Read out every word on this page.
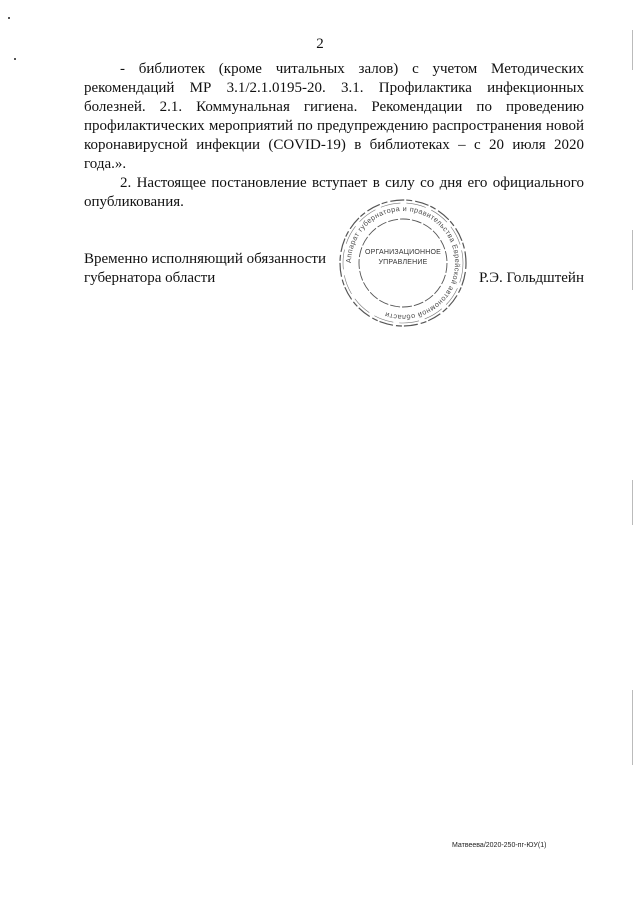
2

- библиотек (кроме читальных залов) с учетом Методических рекомендаций МР 3.1/2.1.0195-20. 3.1. Профилактика инфекционных болезней. 2.1. Коммунальная гигиена. Рекомендации по проведению профилактических мероприятий по предупреждению распространения новой коронавирусной инфекции (COVID-19) в библиотеках – с 20 июля 2020 года.».

2. Настоящее постановление вступает в силу со дня его официального опубликования.

Временно исполняющий обязанности губернатора области	Р.Э. Гольдштейн
Аппарат губернатора и правительства Еврейской автономной области
ОРГАНИЗАЦИОННОЕ УПРАВЛЕНИЕ
Матвеева/2020-250-пг-ЮУ(1)
